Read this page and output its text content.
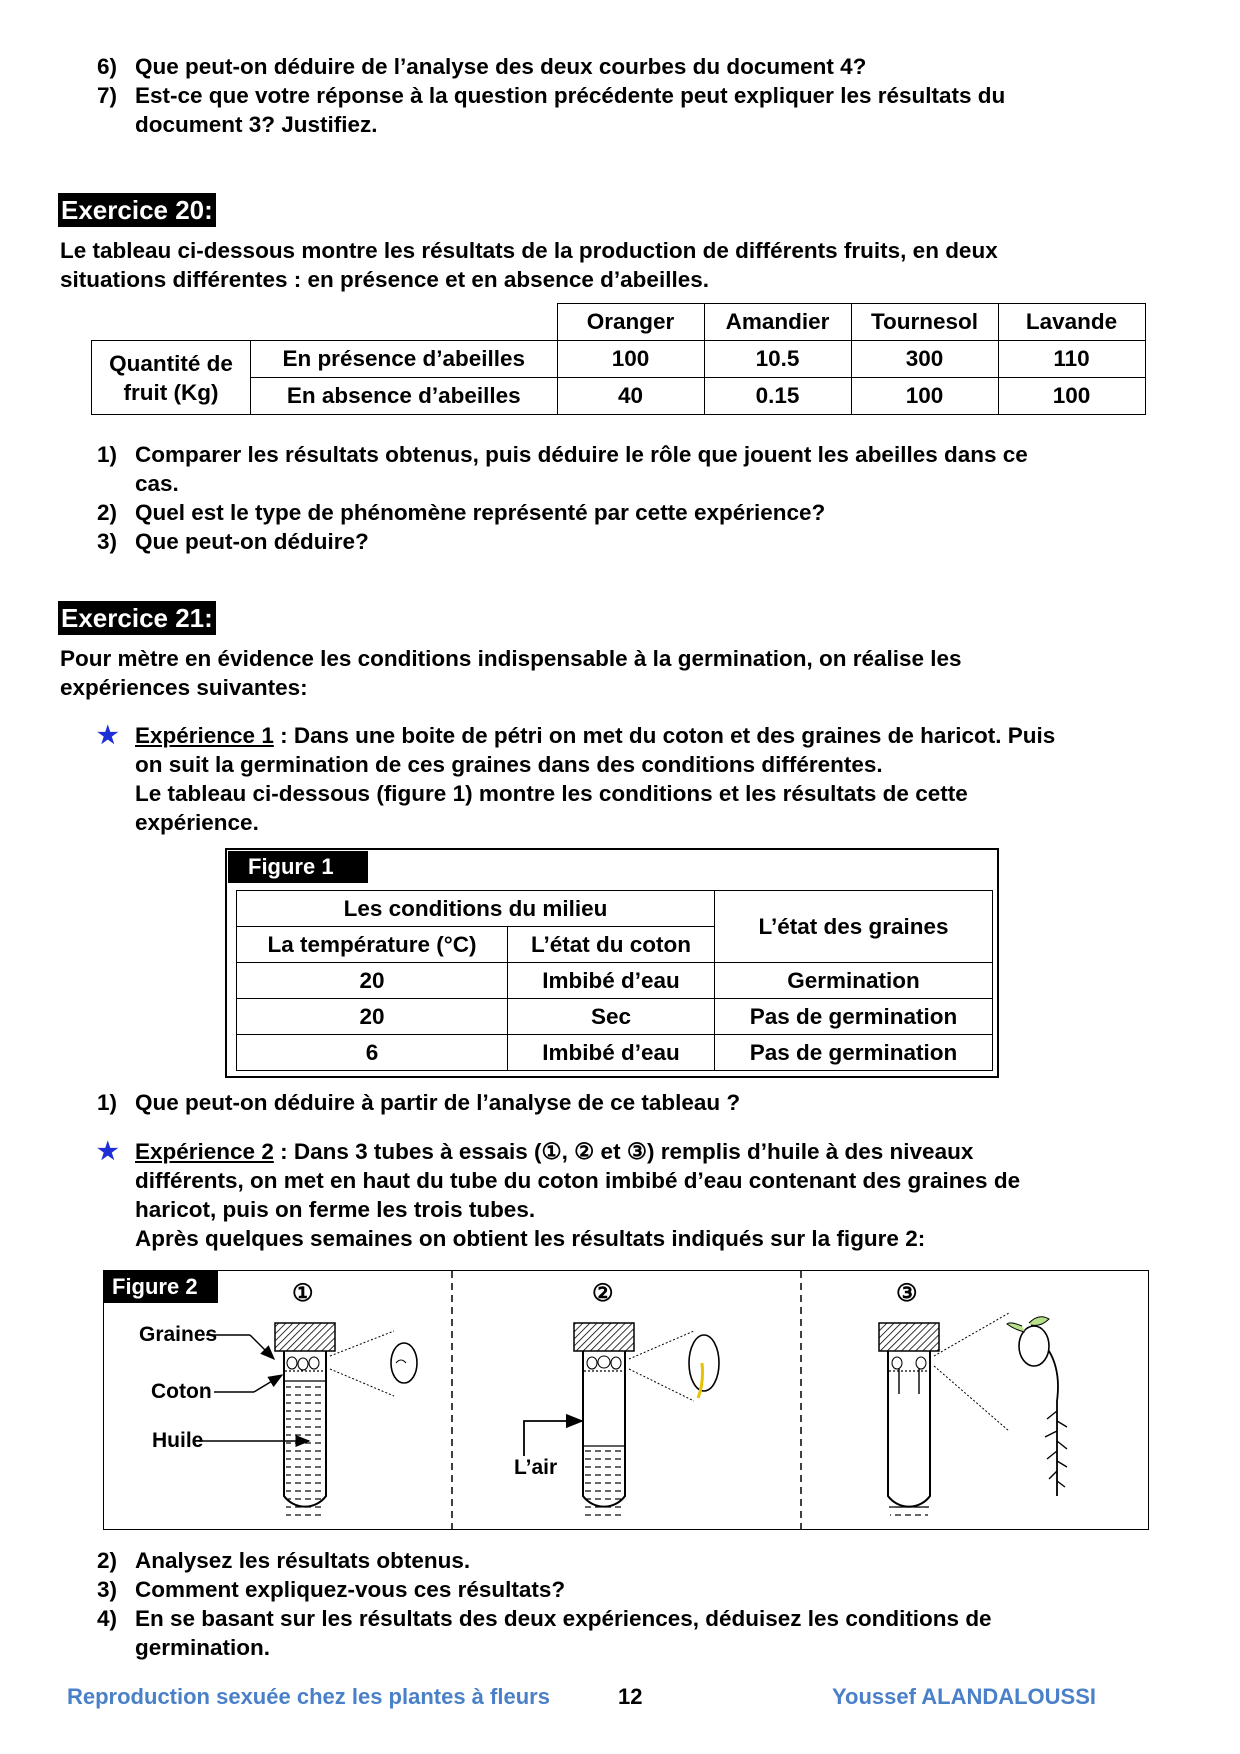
6) Que peut-on déduire de l’analyse des deux courbes du document 4?
7) Est-ce que votre réponse à la question précédente peut expliquer les résultats du
document 3? Justifiez.
Exercice 20:
Le tableau ci-dessous montre les résultats de la production de différents fruits, en deux
situations différentes : en présence et en absence d’abeilles.
		Oranger	Amandier	Tournesol	Lavande

Quantité de
fruit (Kg)	En présence d’abeilles	100	10.5	300	110
	En absence d’abeilles	40	0.15	100	100
1) Comparer les résultats obtenus, puis déduire le rôle que jouent les abeilles dans ce
cas.
2) Quel est le type de phénomène représenté par cette expérience?
3) Que peut-on déduire?
Exercice 21:
Pour mètre en évidence les conditions indispensable à la germination, on réalise les
expériences suivantes:
★ Expérience 1 : Dans une boite de pétri on met du coton et des graines de haricot. Puis
on suit la germination de ces graines dans des conditions différentes.
Le tableau ci-dessous (figure 1) montre les conditions et les résultats de cette
expérience.
Figure 1
Les conditions du milieu		L’état des graines
La température (°C)	L’état du coton	
20	Imbibé d’eau	Germination
20	Sec	Pas de germination
6	Imbibé d’eau	Pas de germination
1) Que peut-on déduire à partir de l’analyse de ce tableau ?
★ Expérience 2 : Dans 3 tubes à essais (①, ② et ③) remplis d’huile à des niveaux
différents, on met en haut du tube du coton imbibé d’eau contenant des graines de
haricot, puis on ferme les trois tubes.
Après quelques semaines on obtient les résultats indiqués sur la figure 2:
Figure 2	①	②	③
Graines
Coton
Huile
L’air
2) Analysez les résultats obtenus.
3) Comment expliquez-vous ces résultats?
4) En se basant sur les résultats des deux expériences, déduisez les conditions de
germination.
Reproduction sexuée chez les plantes à fleurs	12	Youssef ALANDALOUSSI
